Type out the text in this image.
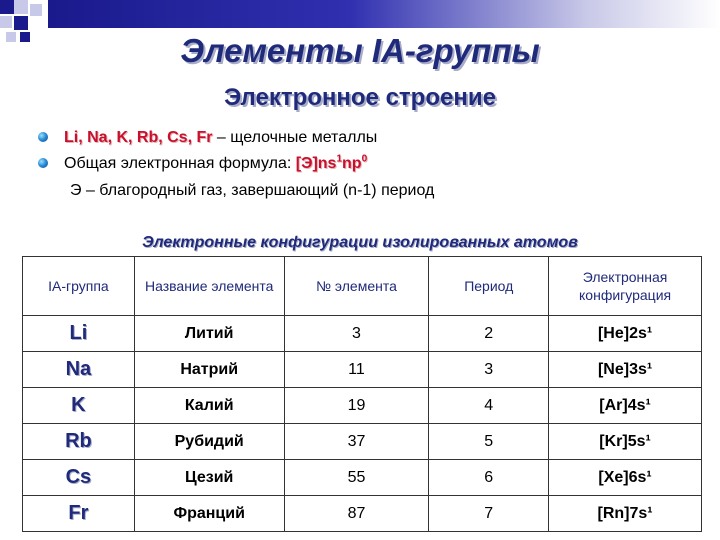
Элементы IA-группы
Электронное строение
Li, Na, K, Rb, Cs, Fr – щелочные металлы
Общая электронная формула: $[Э]ns^1np^0$
Э – благородный газ, завершающий (n-1) период
Электронные конфигурации изолированных атомов
IA-группа	Название элемента	№ элемента	Период	Электронная конфигурация
Li	Литий	3	2	[He]2s¹
Na	Натрий	11	3	[Ne]3s¹
K	Калий	19	4	[Ar]4s¹
Rb	Рубидий	37	5	[Kr]5s¹
Cs	Цезий	55	6	[Xe]6s¹
Fr	Франций	87	7	[Rn]7s¹
